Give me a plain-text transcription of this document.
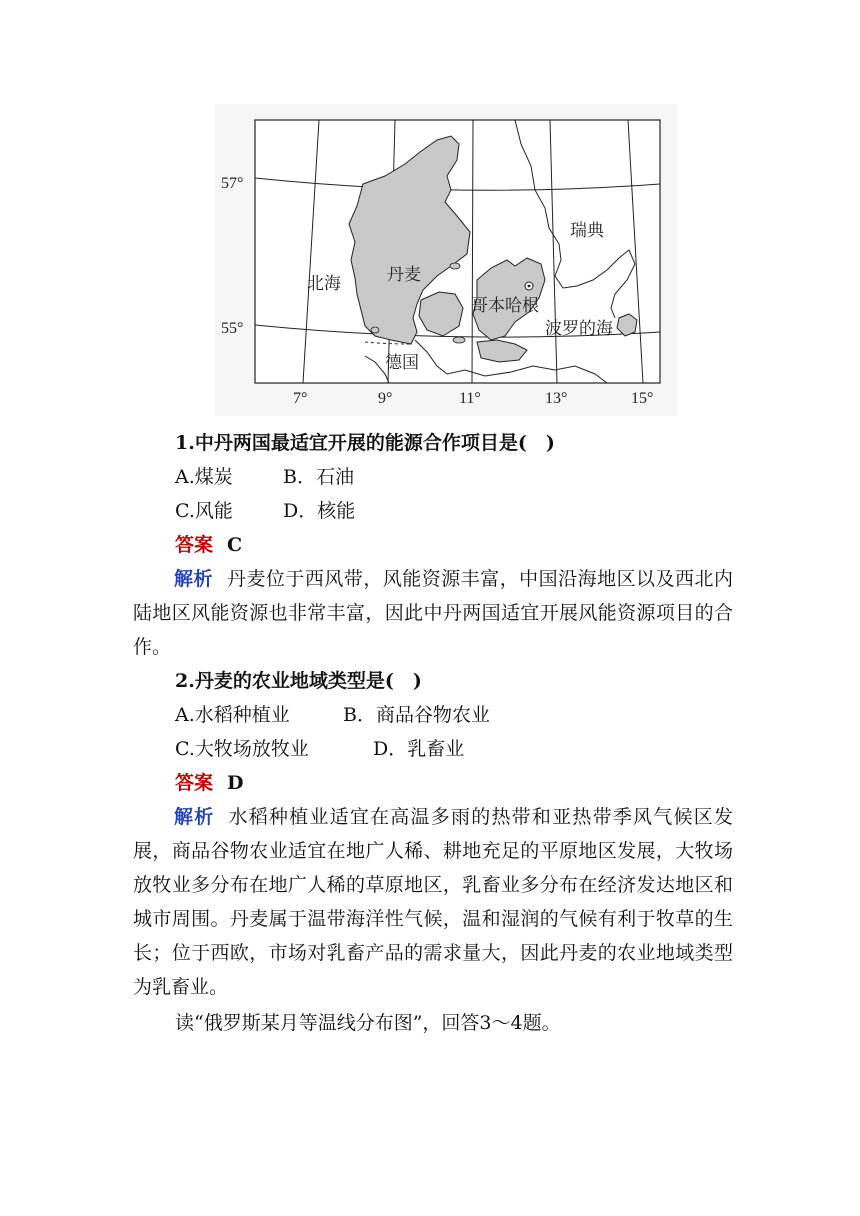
北海	丹麦
哥本哈根
瑞典
波罗的海
德国
57°
55°
7°	9°	11°	13°	15°
1.中丹两国最适宜开展的能源合作项目是(　)
A.煤炭	B．石油
C.风能	D．核能
答案 C
解析 丹麦位于西风带，风能资源丰富，中国沿海地区以及西北内陆地区风能资源也非常丰富，因此中丹两国适宜开展风能资源项目的合作。
2.丹麦的农业地域类型是(　)
A.水稻种植业	B．商品谷物农业
C.大牧场放牧业	D．乳畜业
答案 D
解析 水稻种植业适宜在高温多雨的热带和亚热带季风气候区发展，商品谷物农业适宜在地广人稀、耕地充足的平原地区发展，大牧场放牧业多分布在地广人稀的草原地区，乳畜业多分布在经济发达地区和城市周围。丹麦属于温带海洋性气候，温和湿润的气候有利于牧草的生长；位于西欧，市场对乳畜产品的需求量大，因此丹麦的农业地域类型为乳畜业。
读“俄罗斯某月等温线分布图”，回答3～4题。
